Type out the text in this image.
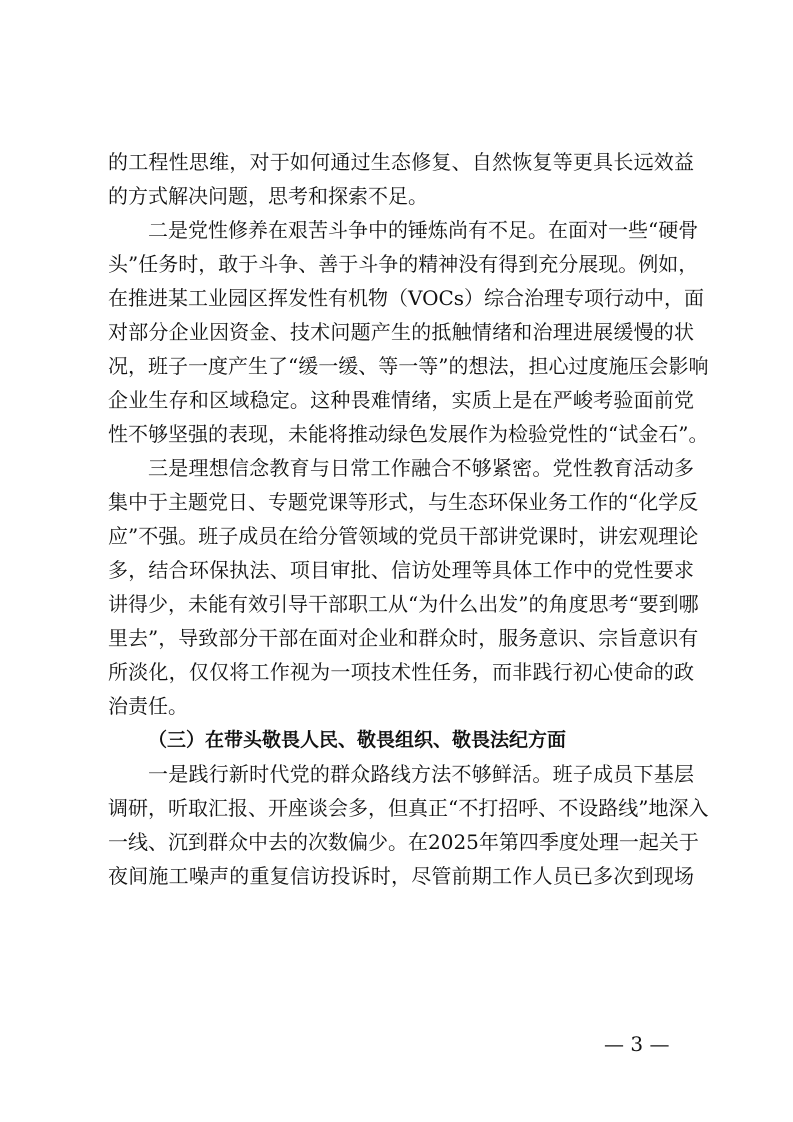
的工程性思维，对于如何通过生态修复、自然恢复等更具长远效益
的方式解决问题，思考和探索不足。
二是党性修养在艰苦斗争中的锤炼尚有不足。在面对一些“硬骨
头”任务时，敢于斗争、善于斗争的精神没有得到充分展现。例如，
在推进某工业园区挥发性有机物（VOCs）综合治理专项行动中，面
对部分企业因资金、技术问题产生的抵触情绪和治理进展缓慢的状
况，班子一度产生了“缓一缓、等一等”的想法，担心过度施压会影响
企业生存和区域稳定。这种畏难情绪，实质上是在严峻考验面前党
性不够坚强的表现，未能将推动绿色发展作为检验党性的“试金石”。
三是理想信念教育与日常工作融合不够紧密。党性教育活动多
集中于主题党日、专题党课等形式，与生态环保业务工作的“化学反
应”不强。班子成员在给分管领域的党员干部讲党课时，讲宏观理论
多，结合环保执法、项目审批、信访处理等具体工作中的党性要求
讲得少，未能有效引导干部职工从“为什么出发”的角度思考“要到哪
里去”，导致部分干部在面对企业和群众时，服务意识、宗旨意识有
所淡化，仅仅将工作视为一项技术性任务，而非践行初心使命的政
治责任。
（三）在带头敬畏人民、敬畏组织、敬畏法纪方面
一是践行新时代党的群众路线方法不够鲜活。班子成员下基层
调研，听取汇报、开座谈会多，但真正“不打招呼、不设路线”地深入
一线、沉到群众中去的次数偏少。在2025年第四季度处理一起关于
夜间施工噪声的重复信访投诉时，尽管前期工作人员已多次到现场
— 3 —
